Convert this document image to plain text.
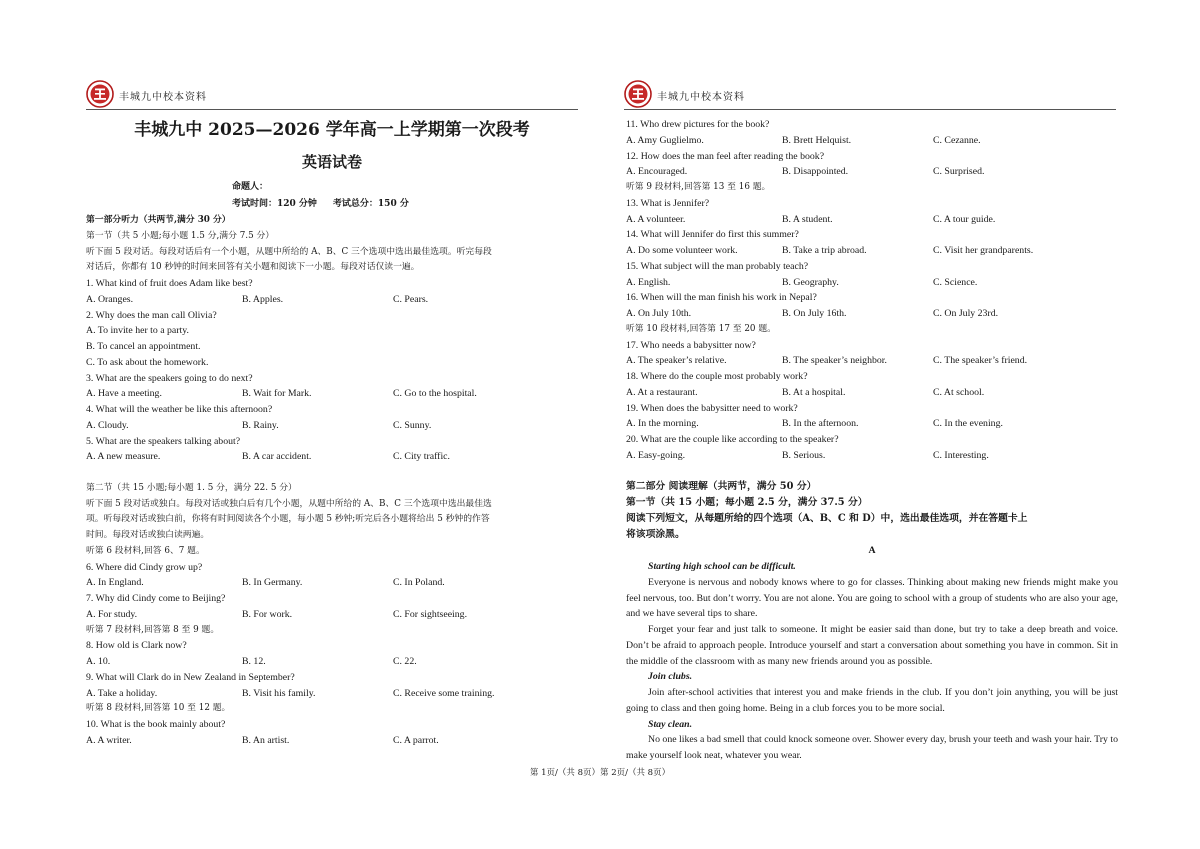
丰城九中校本资料
丰城九中 2025—2026 学年高一上学期第一次段考
英语试卷
命题人：
考试时间：120 分钟 考试总分：150 分
第一部分听力（共两节,满分 30 分）
第一节（共 5 小题;每小题 1.5 分,满分 7.5 分）
听下面 5 段对话。每段对话后有一个小题，从题中所给的 A、B、C 三个选项中选出最佳选项。听完每段
对话后，你都有 10 秒钟的时间来回答有关小题和阅读下一小题。每段对话仅读一遍。
1. What kind of fruit does Adam like best?
A. Oranges.	B. Apples.	C. Pears.
2. Why does the man call Olivia?
A. To invite her to a party.
B. To cancel an appointment.
C. To ask about the homework.
3. What are the speakers going to do next?
A. Have a meeting.	B. Wait for Mark.	C. Go to the hospital.
4. What will the weather be like this afternoon?
A. Cloudy.	B. Rainy.	C. Sunny.
5. What are the speakers talking about?
A. A new measure.	B. A car accident.	C. City traffic.
第二节（共 15 小题;每小题 1. 5 分，满分 22. 5 分）
听下面 5 段对话或独白。每段对话或独白后有几个小题，从题中所给的 A、B、C 三个选项中选出最佳选
项。听每段对话或独白前，你将有时间阅读各个小题，每小题 5 秒钟;听完后各小题将给出 5 秒钟的作答
时间。每段对话或独白读两遍。
听第 6 段材料,回答 6、7 题。
6. Where did Cindy grow up?
A. In England.	B. In Germany.	C. In Poland.
7. Why did Cindy come to Beijing?
A. For study.	B. For work.	C. For sightseeing.
听第 7 段材料,回答第 8 至 9 题。
8. How old is Clark now?
A. 10.	B. 12.	C. 22.
9. What will Clark do in New Zealand in September?
A. Take a holiday.	B. Visit his family.	C. Receive some training.
听第 8 段材料,回答第 10 至 12 题。
10. What is the book mainly about?
A. A writer.	B. An artist.	C. A parrot.
丰城九中校本资料
11. Who drew pictures for the book?
A. Amy Guglielmo.	B. Brett Helquist.	C. Cezanne.
12. How does the man feel after reading the book?
A. Encouraged.	B. Disappointed.	C. Surprised.
听第 9 段材料,回答第 13 至 16 题。
13. What is Jennifer?
A. A volunteer.	B. A student.	C. A tour guide.
14. What will Jennifer do first this summer?
A. Do some volunteer work.	B. Take a trip abroad.	C. Visit her grandparents.
15. What subject will the man probably teach?
A. English.	B. Geography.	C. Science.
16. When will the man finish his work in Nepal?
A. On July 10th.	B. On July 16th.	C. On July 23rd.
听第 10 段材料,回答第 17 至 20 题。
17. Who needs a babysitter now?
A. The speaker’s relative.	B. The speaker’s neighbor.	C. The speaker’s friend.
18. Where do the couple most probably work?
A. At a restaurant.	B. At a hospital.	C. At school.
19. When does the babysitter need to work?
A. In the morning.	B. In the afternoon.	C. In the evening.
20. What are the couple like according to the speaker?
A. Easy-going.	B. Serious.	C. Interesting.
第二部分 阅读理解（共两节，满分 50 分）
第一节（共 15 小题；每小题 2.5 分，满分 37.5 分）
阅读下列短文，从每题所给的四个选项（A、B、C 和 D）中，选出最佳选项，并在答题卡上
将该项涂黑。
A
Starting high school can be difficult.
Everyone is nervous and nobody knows where to go for classes. Thinking about making new friends might make you feel nervous, too. But don’t worry. You are not alone. You are going to school with a group of students who are also your age, and we have several tips to share.
Forget your fear and just talk to someone. It might be easier said than done, but try to take a deep breath and voice. Don’t be afraid to approach people. Introduce yourself and start a conversation about something you have in common. Sit in the middle of the classroom with as many new friends around you as possible.
Join clubs.
Join after-school activities that interest you and make friends in the club. If you don’t join anything, you will be just going to class and then going home. Being in a club forces you to be more social.
Stay clean.
No one likes a bad smell that could knock someone over. Shower every day, brush your teeth and wash your hair. Try to make yourself look neat, whatever you wear.
第 1页/（共 8页）第 2页/（共 8页）
